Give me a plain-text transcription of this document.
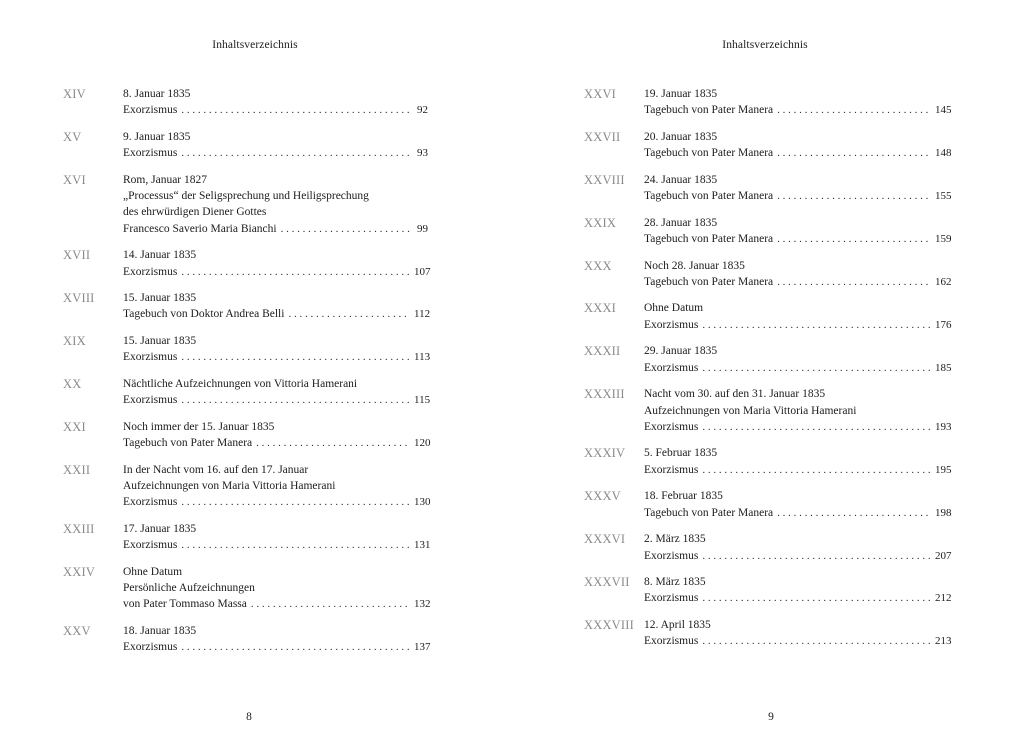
Inhaltsverzeichnis
XIV	8. Januar 1835
Exorzismus . . .	92
XV	9. Januar 1835
Exorzismus . . .	93
XVI	Rom, Januar 1827
„Processus“ der Seligsprechung und Heiligsprechung
des ehrwürdigen Diener Gottes
Francesco Saverio Maria Bianchi . . .	99
XVII	14. Januar 1835
Exorzismus . . .	107
XVIII	15. Januar 1835
Tagebuch von Doktor Andrea Belli . . .	112
XIX	15. Januar 1835
Exorzismus . . .	113
XX	Nächtliche Aufzeichnungen von Vittoria Hamerani
Exorzismus . . .	115
XXI	Noch immer der 15. Januar 1835
Tagebuch von Pater Manera . . .	120
XXII	In der Nacht vom 16. auf den 17. Januar
Aufzeichnungen von Maria Vittoria Hamerani
Exorzismus . . .	130
XXIII	17. Januar 1835
Exorzismus . . .	131
XXIV	Ohne Datum
Persönliche Aufzeichnungen
von Pater Tommaso Massa . . .	132
XXV	18. Januar 1835
Exorzismus . . .	137
8
Inhaltsverzeichnis
XXVI	19. Januar 1835
Tagebuch von Pater Manera . . .	145
XXVII	20. Januar 1835
Tagebuch von Pater Manera . . .	148
XXVIII	24. Januar 1835
Tagebuch von Pater Manera . . .	155
XXIX	28. Januar 1835
Tagebuch von Pater Manera . . .	159
XXX	Noch 28. Januar 1835
Tagebuch von Pater Manera . . .	162
XXXI	Ohne Datum
Exorzismus . . .	176
XXXII	29. Januar 1835
Exorzismus . . .	185
XXXIII	Nacht vom 30. auf den 31. Januar 1835
Aufzeichnungen von Maria Vittoria Hamerani
Exorzismus . . .	193
XXXIV	5. Februar 1835
Exorzismus . . .	195
XXXV	18. Februar 1835
Tagebuch von Pater Manera . . .	198
XXXVI	2. März 1835
Exorzismus . . .	207
XXXVII	8. März 1835
Exorzismus . . .	212
XXXVIII 12. April 1835
Exorzismus . . .	213
9
